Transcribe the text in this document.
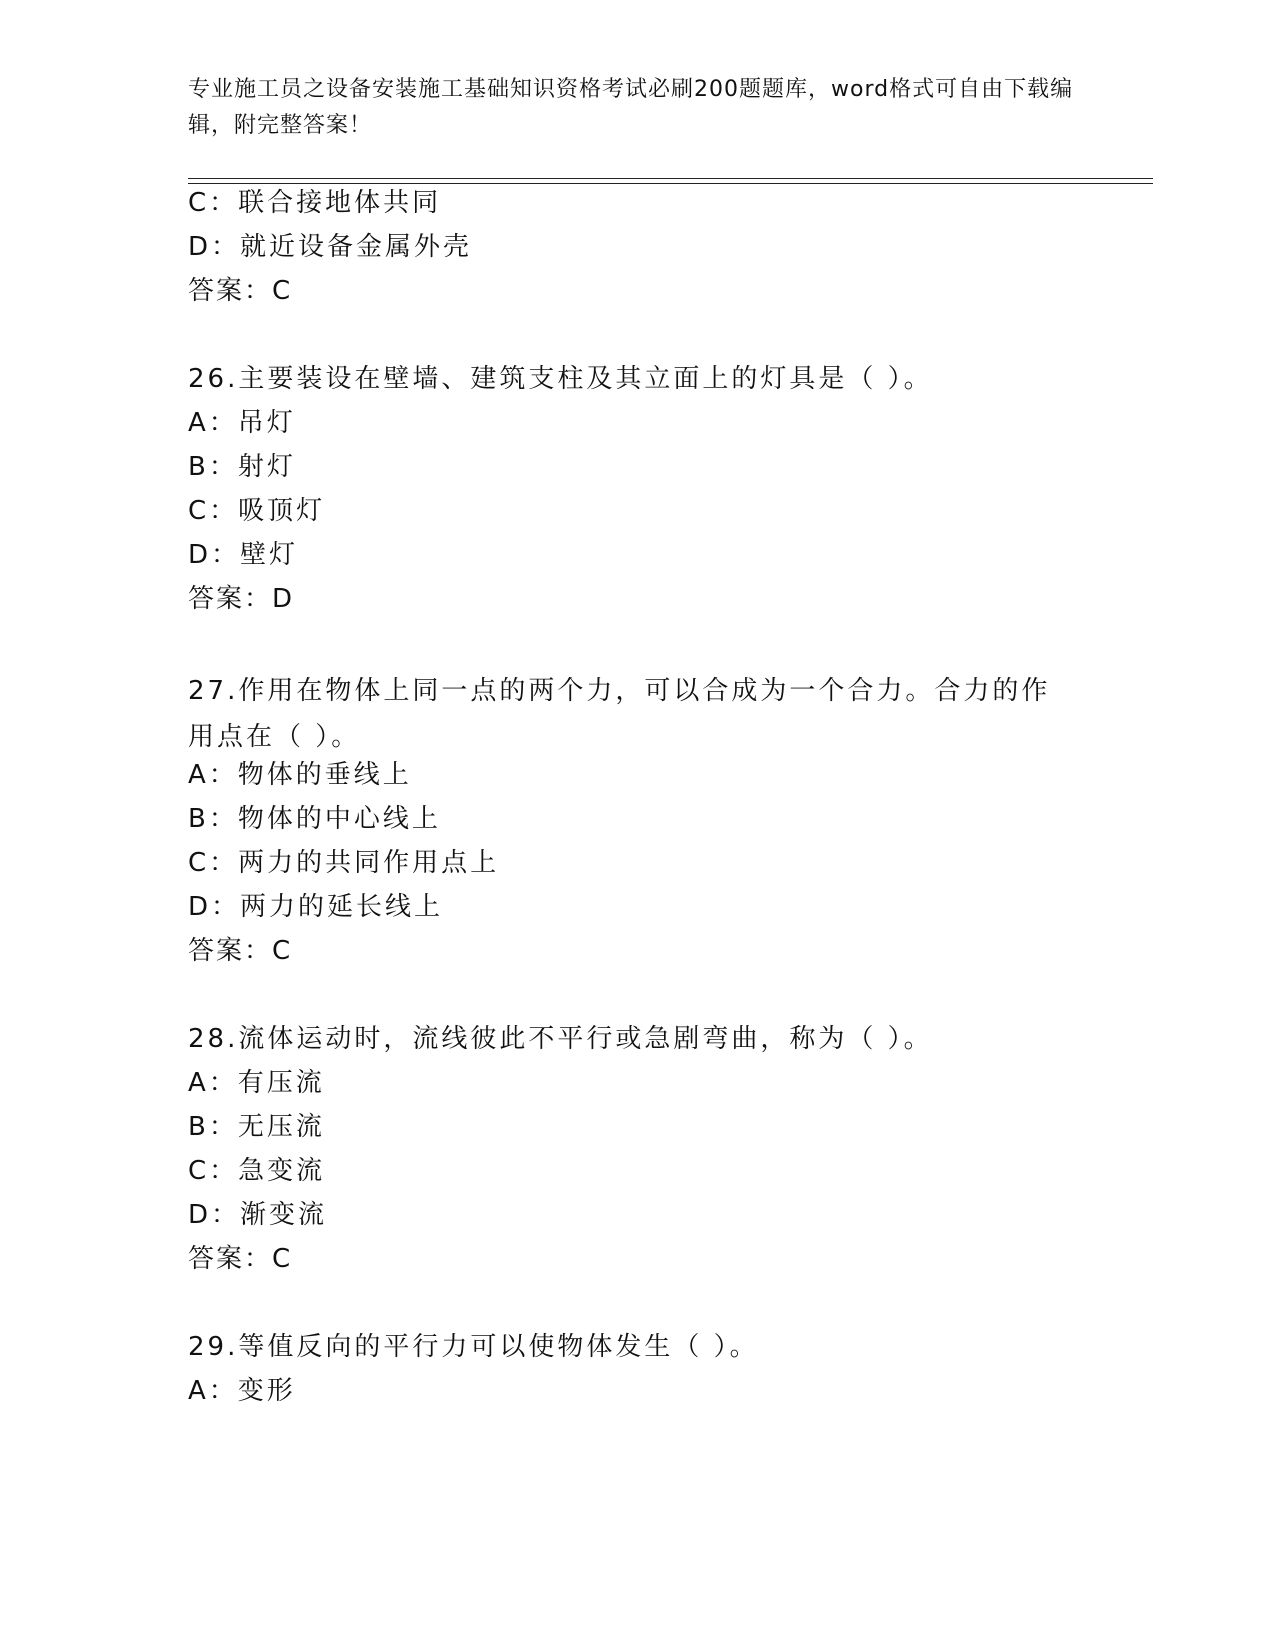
专业施工员之设备安装施工基础知识资格考试必刷200题题库，word格式可自由下载编辑，附完整答案！
C：联合接地体共同
D：就近设备金属外壳
答案：C
26.主要装设在壁墙、建筑支柱及其立面上的灯具是（ ）。
A：吊灯
B：射灯
C：吸顶灯
D：壁灯
答案：D
27.作用在物体上同一点的两个力，可以合成为一个合力。合力的作用点在（ ）。
A：物体的垂线上
B：物体的中心线上
C：两力的共同作用点上
D：两力的延长线上
答案：C
28.流体运动时，流线彼此不平行或急剧弯曲，称为（ ）。
A：有压流
B：无压流
C：急变流
D：渐变流
答案：C
29.等值反向的平行力可以使物体发生（ ）。
A：变形
